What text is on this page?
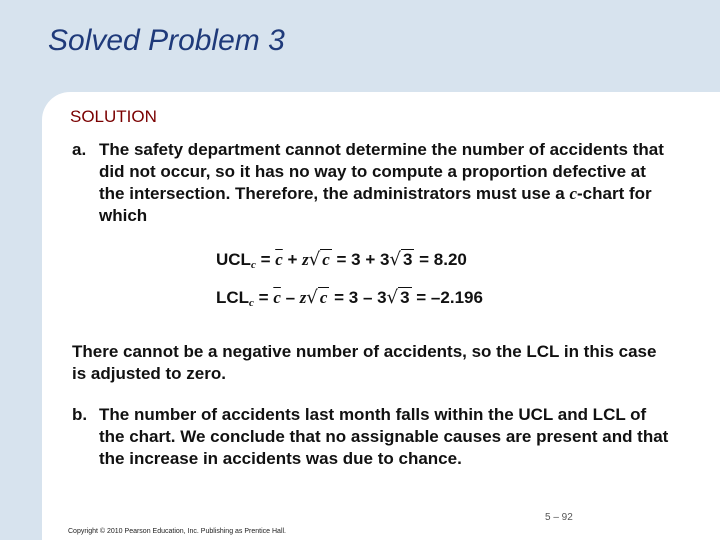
Solved Problem 3
SOLUTION
a. The safety department cannot determine the number of accidents that did not occur, so it has no way to compute a proportion defective at the intersection. Therefore, the administrators must use a c-chart for which
$UCL_c = \overline{c} + z√$ c = 3 + 3√ 3 = 8.20
$LCL_c = \overline{c} - z√$ c = 3 – 3√ 3 = –2.196
There cannot be a negative number of accidents, so the LCL in this case is adjusted to zero.
b. The number of accidents last month falls within the UCL and LCL of the chart. We conclude that no assignable causes are present and that the increase in accidents was due to chance.
5 – 92
Copyright © 2010 Pearson Education, Inc. Publishing as Prentice Hall.
